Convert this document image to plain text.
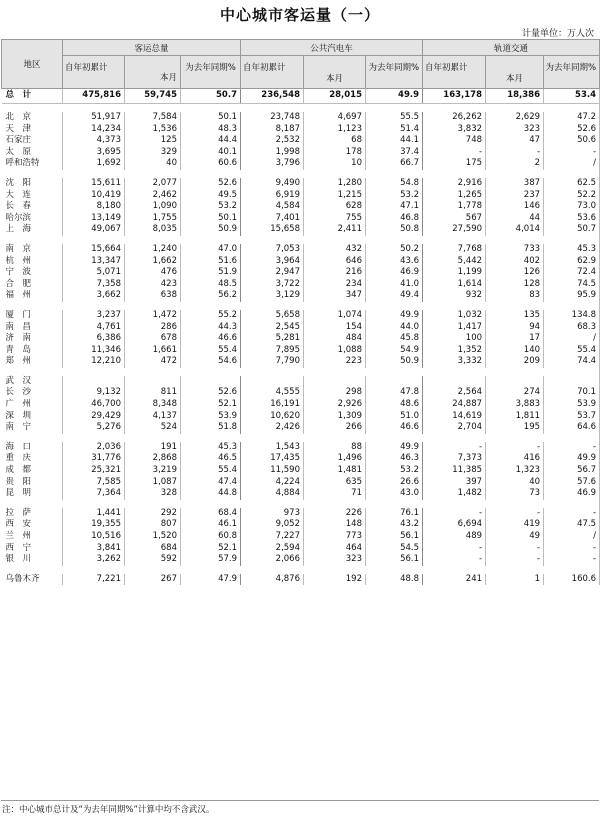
中心城市客运量（一）
计量单位：万人次
地区	客运总量			公共汽电车			轨道交通		

	自年初累计	本月	为去年同期%	自年初累计	本月	为去年同期%	自年初累计	本月	为去年同期%

总　计	475,816	59,745	50.7	236,548	28,015	49.9	163,178	18,386	53.4

北　京	51,917	7,584	50.1	23,748	4,697	55.5	26,262	2,629	47.2
天　津	14,234	1,536	48.3	8,187	1,123	51.4	3,832	323	52.6
石家庄	4,373	125	44.4	2,532	68	44.1	748	47	50.6
太　原	3,695	329	40.1	1,998	178	37.4	-	-	-
呼和浩特	1,692	40	60.6	3,796	10	66.7	175	2	/

沈　阳	15,611	2,077	52.6	9,490	1,280	54.8	2,916	387	62.5
大　连	10,419	2,462	49.5	6,919	1,215	53.2	1,265	237	52.2
长　春	8,180	1,090	53.2	4,584	628	47.1	1,778	146	73.0
哈尔滨	13,149	1,755	50.1	7,401	755	46.8	567	44	53.6
上　海	49,067	8,035	50.9	15,658	2,411	50.8	27,590	4,014	50.7

南　京	15,664	1,240	47.0	7,053	432	50.2	7,768	733	45.3
杭　州	13,347	1,662	51.6	3,964	646	43.6	5,442	402	62.9
宁　波	5,071	476	51.9	2,947	216	46.9	1,199	126	72.4
合　肥	7,358	423	48.5	3,722	234	41.0	1,614	128	74.5
福　州	3,662	638	56.2	3,129	347	49.4	932	83	95.9

厦　门	3,237	1,472	55.2	5,658	1,074	49.9	1,032	135	134.8
南　昌	4,761	286	44.3	2,545	154	44.0	1,417	94	68.3
济　南	6,386	678	46.6	5,281	484	45.8	100	17	/
青　岛	11,346	1,661	55.4	7,895	1,088	54.9	1,352	140	55.4
郑　州	12,210	472	54.6	7,790	223	50.9	3,332	209	74.4

武　汉									
长　沙	9,132	811	52.6	4,555	298	47.8	2,564	274	70.1
广　州	46,700	8,348	52.1	16,191	2,926	48.6	24,887	3,883	53.9
深　圳	29,429	4,137	53.9	10,620	1,309	51.0	14,619	1,811	53.7
南　宁	5,276	524	51.8	2,426	266	46.6	2,704	195	64.6

海　口	2,036	191	45.3	1,543	88	49.9	-	-	-
重　庆	31,776	2,868	46.5	17,435	1,496	46.3	7,373	416	49.9
成　都	25,321	3,219	55.4	11,590	1,481	53.2	11,385	1,323	56.7
贵　阳	7,585	1,087	47.4	4,224	635	26.6	397	40	57.6
昆　明	7,364	328	44.8	4,884	71	43.0	1,482	73	46.9

拉　萨	1,441	292	68.4	973	226	76.1	-	-	-
西　安	19,355	807	46.1	9,052	148	43.2	6,694	419	47.5
兰　州	10,516	1,520	60.8	7,227	773	56.1	489	49	/
西　宁	3,841	684	52.1	2,594	464	54.5	-	-	-
银　川	3,262	592	57.9	2,066	323	56.1	-	-	-

乌鲁木齐	7,221	267	47.9	4,876	192	48.8	241	1	160.6
注：中心城市总计及“为去年同期%”计算中均不含武汉。
